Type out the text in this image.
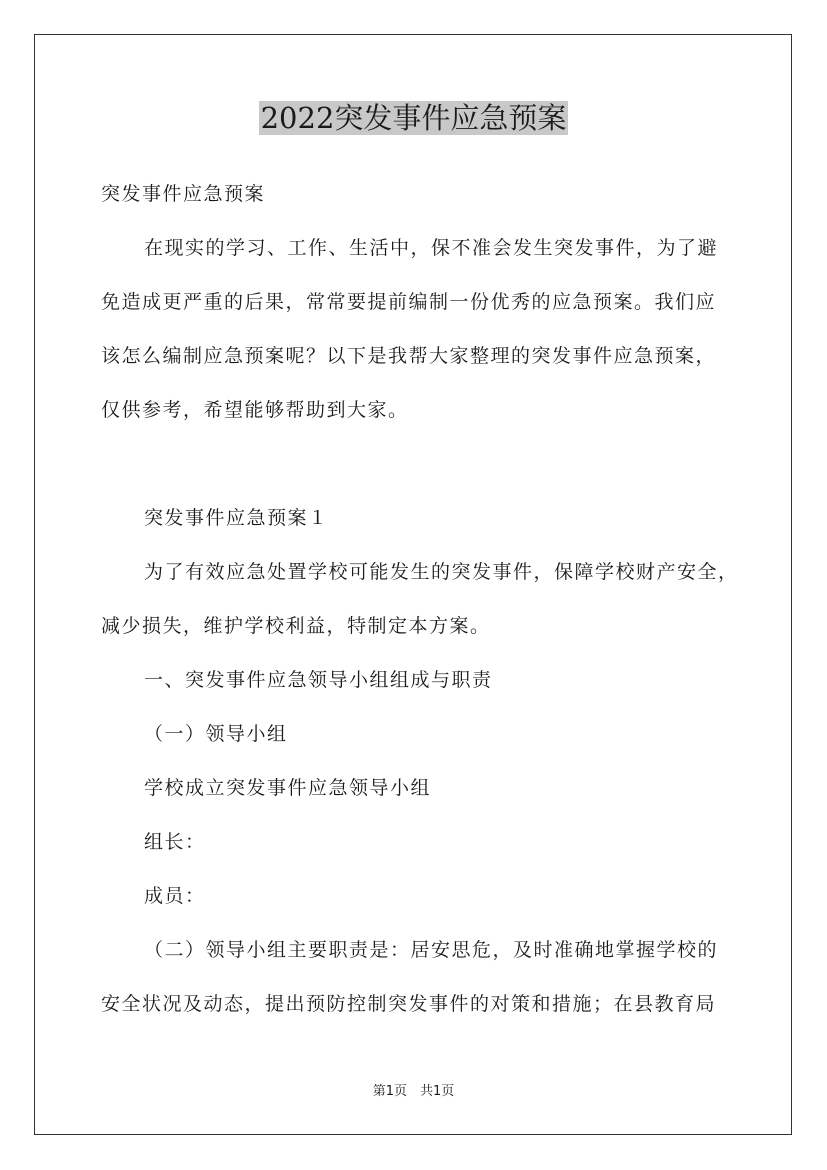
2022突发事件应急预案
突发事件应急预案
在现实的学习、工作、生活中，保不准会发生突发事件，为了避
免造成更严重的后果，常常要提前编制一份优秀的应急预案。我们应
该怎么编制应急预案呢？以下是我帮大家整理的突发事件应急预案，
仅供参考，希望能够帮助到大家。
突发事件应急预案１
为了有效应急处置学校可能发生的突发事件，保障学校财产安全，
减少损失，维护学校利益，特制定本方案。
一、突发事件应急领导小组组成与职责
（一）领导小组
学校成立突发事件应急领导小组
组长：
成员：
（二）领导小组主要职责是：居安思危，及时准确地掌握学校的
安全状况及动态，提出预防控制突发事件的对策和措施；在县教育局
第1页　共1页
